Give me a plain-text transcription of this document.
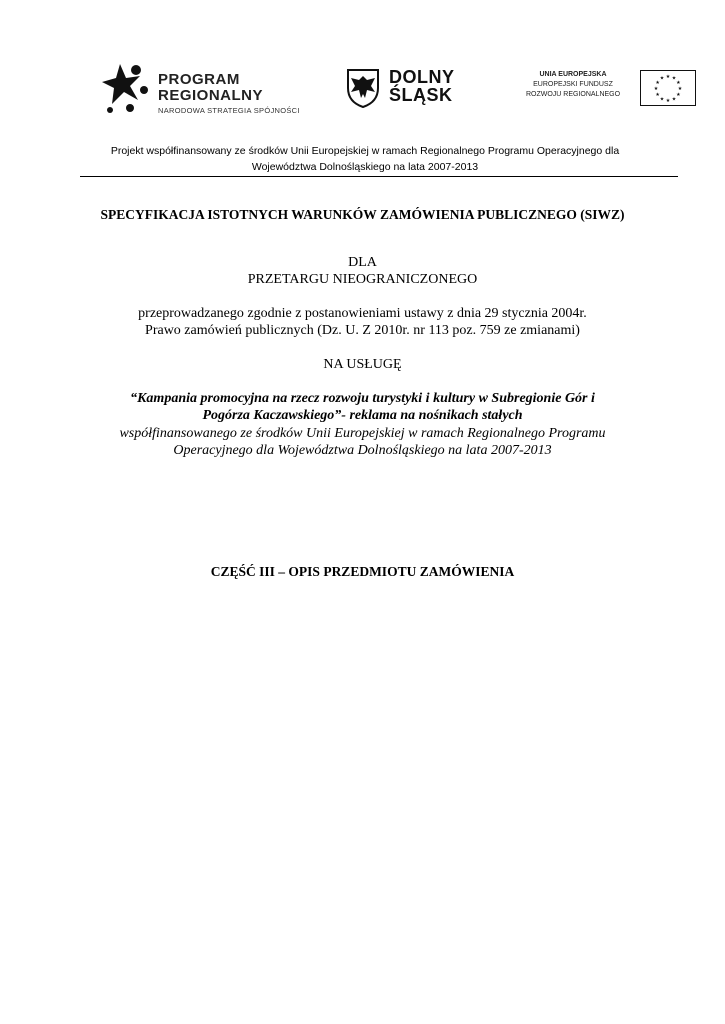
PROGRAM
REGIONALNY
NARODOWA STRATEGIA SPÓJNOŚCI
DOLNY
ŚLĄSK
UNIA EUROPEJSKA
EUROPEJSKI FUNDUSZ
ROZWOJU REGIONALNEGO
★ ★
★
★
★
★
★
★
★
★
★
★
Projekt współfinansowany ze środków Unii Europejskiej w ramach Regionalnego Programu Operacyjnego dla
Województwa Dolnośląskiego na lata 2007-2013
SPECYFIKACJA ISTOTNYCH WARUNKÓW ZAMÓWIENIA PUBLICZNEGO (SIWZ)
DLA
PRZETARGU NIEOGRANICZONEGO
przeprowadzanego zgodnie z postanowieniami ustawy z dnia 29 stycznia 2004r.
Prawo zamówień publicznych (Dz. U. Z 2010r. nr 113 poz. 759 ze zmianami)
NA USŁUGĘ
“Kampania promocyjna na rzecz rozwoju turystyki i kultury w Subregionie Gór i
Pogórza Kaczawskiego”- reklama na nośnikach stałych
współfinansowanego ze środków Unii Europejskiej w ramach Regionalnego Programu
Operacyjnego dla Województwa Dolnośląskiego na lata 2007-2013
CZĘŚĆ III – OPIS PRZEDMIOTU ZAMÓWIENIA
